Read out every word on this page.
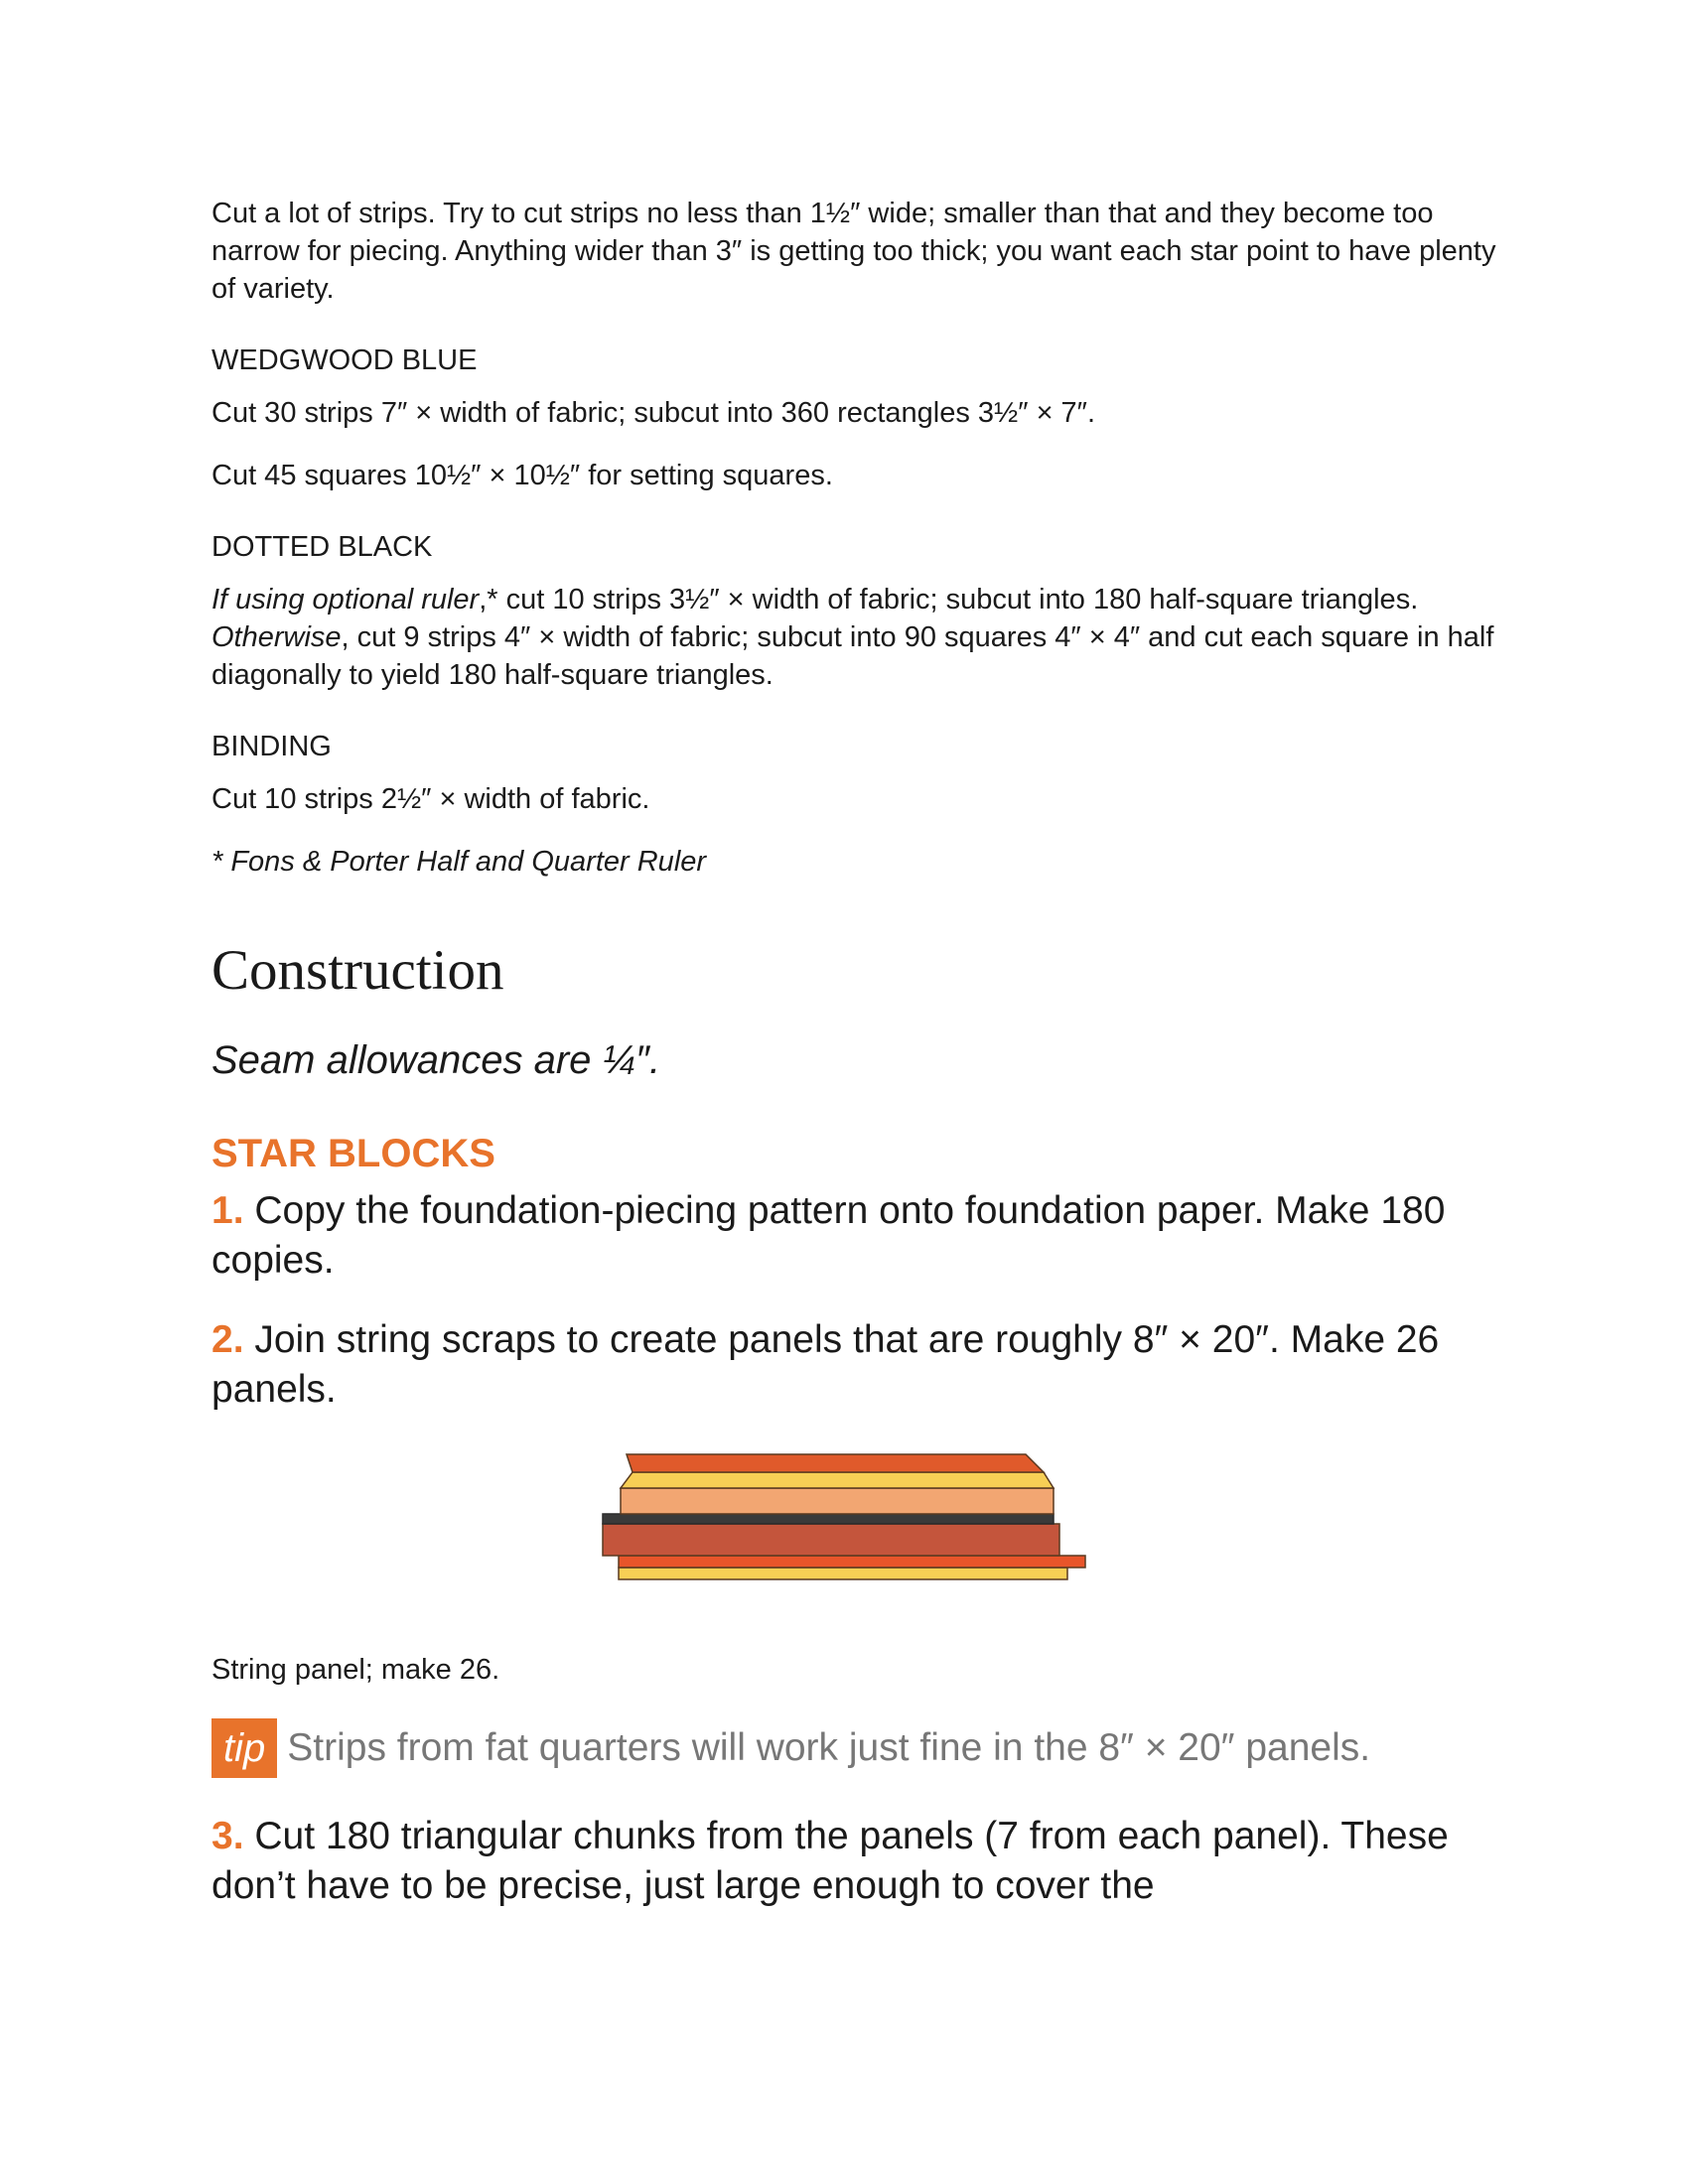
Cut a lot of strips. Try to cut strips no less than 1½″ wide; smaller than that and they become too narrow for piecing. Anything wider than 3″ is getting too thick; you want each star point to have plenty of variety.

WEDGWOOD BLUE

Cut 30 strips 7″ × width of fabric; subcut into 360 rectangles 3½″ × 7″.

Cut 45 squares 10½″ × 10½″ for setting squares.

DOTTED BLACK

If using optional ruler,* cut 10 strips 3½″ × width of fabric; subcut into 180 half-square triangles. Otherwise, cut 9 strips 4″ × width of fabric; subcut into 90 squares 4″ × 4″ and cut each square in half diagonally to yield 180 half-square triangles.

BINDING

Cut 10 strips 2½″ × width of fabric.

* Fons & Porter Half and Quarter Ruler

Construction

Seam allowances are ¼″.

STAR BLOCKS

1. Copy the foundation-piecing pattern onto foundation paper. Make 180 copies.

2. Join string scraps to create panels that are roughly 8″ × 20″. Make 26 panels.

String panel; make 26.

tip Strips from fat quarters will work just fine in the 8″ × 20″ panels.

3. Cut 180 triangular chunks from the panels (7 from each panel). These don’t have to be precise, just large enough to cover the
